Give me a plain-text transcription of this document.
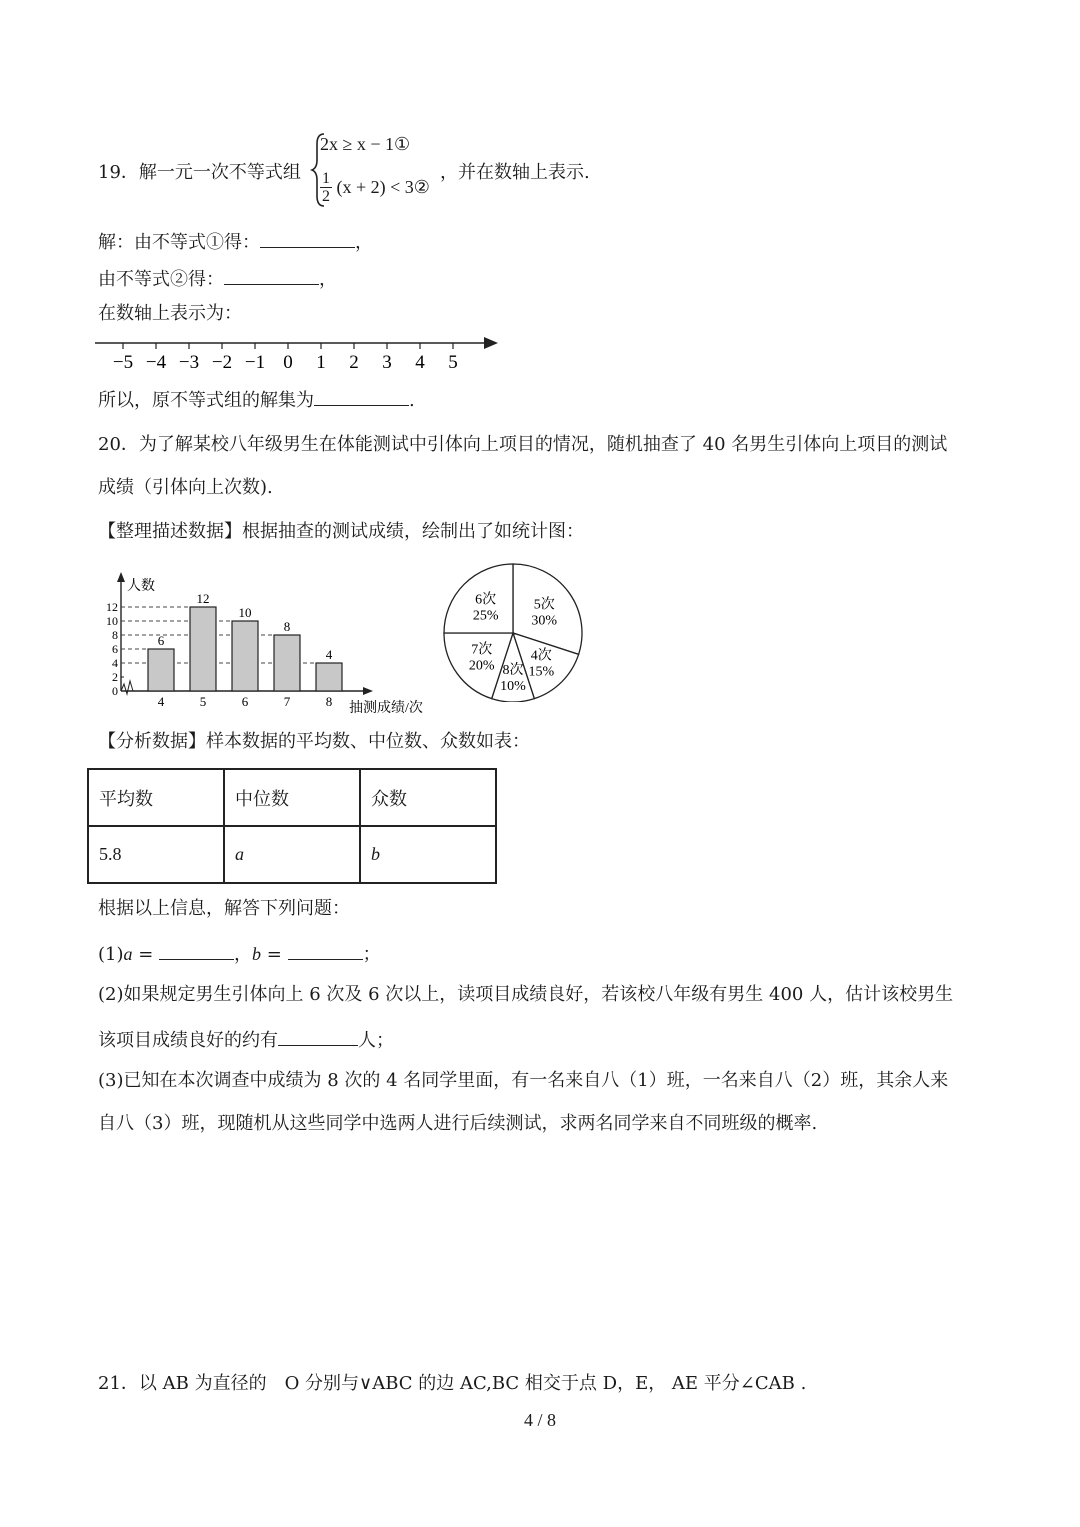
19．解一元一次不等式组
2x ≥ x − 1①
$\frac{1}{2} (x + 2)$ < 3②
，并在数轴上表示.
解：由不等式①得：	，
由不等式②得：	，
在数轴上表示为：
−5 −4 −3 −2 −1 0 1 2 3 4 5
所以，原不等式组的解集为	.
20．为了解某校八年级男生在体能测试中引体向上项目的情况，随机抽查了 40 名男生引体向上项目的测试
成绩（引体向上次数).
【整理描述数据】根据抽查的测试成绩，绘制出了如统计图：
人数
抽测成绩/次
0
2
4
6
8
10
12
6
12
10
8
4
4	5	6	7	8
5次
30%
4次
15%
8次
10%
7次
20%
6次
25%
【分析数据】样本数据的平均数、中位数、众数如表：
平均数	中位数	众数
5.8	a	b
根据以上信息，解答下列问题：
(1)a =	，b =	；
(2)如果规定男生引体向上 6 次及 6 次以上，读项目成绩良好，若该校八年级有男生 400 人，估计该校男生
该项目成绩良好的约有	人；
(3)已知在本次调查中成绩为 8 次的 4 名同学里面，有一名来自八（1）班，一名来自八（2）班，其余人来
自八（3）班，现随机从这些同学中选两人进行后续测试，求两名同学来自不同班级的概率.
21．以 AB 为直径的　O 分别与∨ABC 的边 AC,BC 相交于点 D，E， AE 平分∠CAB .
4 / 8
